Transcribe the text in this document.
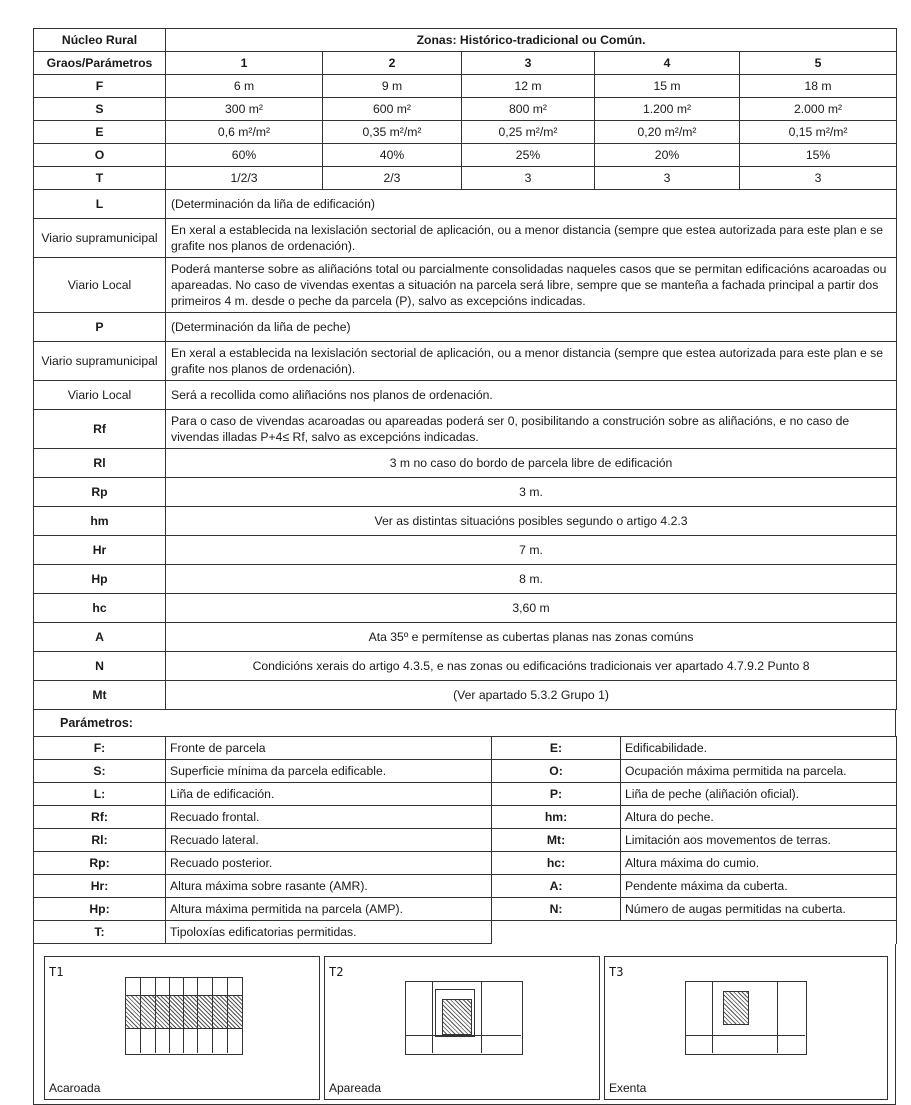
Núcleo Rural	Zonas: Histórico-tradicional ou Común.				
Graos/Parámetros	1	2	3	4	5
F	6 m	9 m	12 m	15 m	18 m
S	300 m²	600 m²	800 m²	1.200 m²	2.000 m²
E	0,6 m²/m²	0,35 m²/m²	0,25 m²/m²	0,20 m²/m²	0,15 m²/m²
O	60%	40%	25%	20%	15%
T	1/2/3	2/3	3	3	3
L	(Determinación da liña de edificación)				
Viario supramunicipal	En xeral a establecida na lexislación sectorial de aplicación, ou a menor distancia (sempre que estea autorizada para este plan e se grafite nos planos de ordenación).				
Viario Local	Poderá manterse sobre as aliñacións total ou parcialmente consolidadas naqueles casos que se permitan edificacións acaroadas ou apareadas. No caso de vivendas exentas a situación na parcela será libre, sempre que se manteña a fachada principal a partir dos primeiros 4 m. desde o peche da parcela (P), salvo as excepcións indicadas.				
P	(Determinación da liña de peche)				
Viario supramunicipal	En xeral a establecida na lexislación sectorial de aplicación, ou a menor distancia (sempre que estea autorizada para este plan e se grafite nos planos de ordenación).				
Viario Local	Será a recollida como aliñacións nos planos de ordenación.				
Rf	Para o caso de vivendas acaroadas ou apareadas poderá ser 0, posibilitando a construción sobre as aliñacións, e no caso de vivendas illadas P+4≤ Rf, salvo as excepcións indicadas.				
Rl	3 m no caso do bordo de parcela libre de edificación				
Rp	3 m.				
hm	Ver as distintas situacións posibles segundo o artigo 4.2.3				
Hr	7 m.				
Hp	8 m.				
hc	3,60 m				
A	Ata 35º e permítense as cubertas planas nas zonas comúns				
N	Condicións xerais do artigo 4.3.5, e nas zonas ou edificacións tradicionais ver apartado 4.7.9.2 Punto 8				
Mt	(Ver apartado 5.3.2 Grupo 1)				
Parámetros:
F:	Fronte de parcela	E:	Edificabilidade.
S:	Superficie mínima da parcela edificable.	O:	Ocupación máxima permitida na parcela.
L:	Liña de edificación.	P:	Liña de peche (aliñación oficial).
Rf:	Recuado frontal.	hm:	Altura do peche.
Rl:	Recuado lateral.	Mt:	Limitación aos movementos de terras.
Rp:	Recuado posterior.	hc:	Altura máxima do cumio.
Hr:	Altura máxima sobre rasante (AMR).	A:	Pendente máxima da cuberta.
Hp:	Altura máxima permitida na parcela (AMP).	N:	Número de augas permitidas na cuberta.
T:	Tipoloxías edificatorias permitidas.		
T1
Acaroada
T2
Apareada
T3
Exenta
